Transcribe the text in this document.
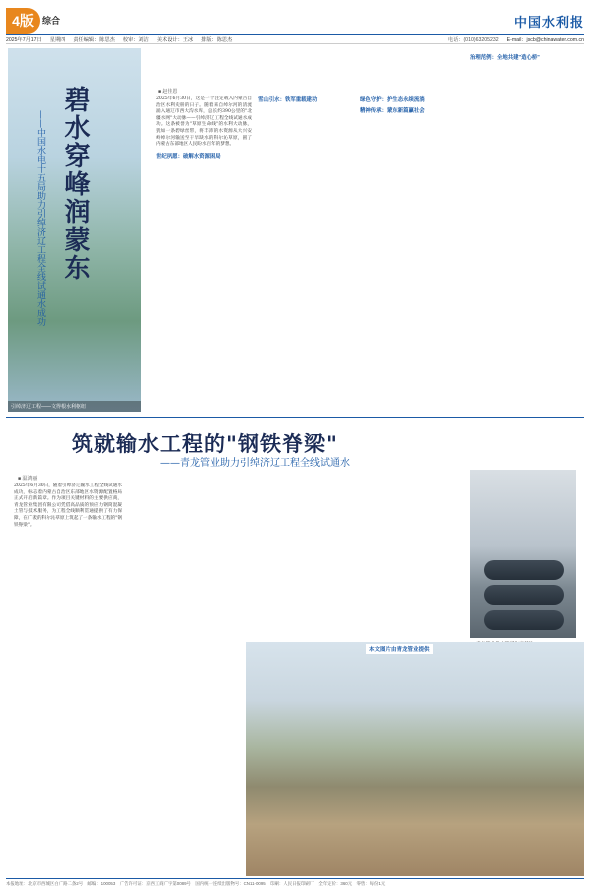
4版 综合	中国水利报
2025年7月17日 星期四 责任编辑：陈思杰 校审：刘洁 美术设计：王冰 排版：陈思杰	电话：(010)63205232 E-mail：jscb@chinawater.com.cn
引绰济辽工程——文得根水利枢纽
碧水穿峰润蒙东
——中国水电十五局助力引绰济辽工程全线试通水成功
■ 赵佳恩

2025年6月30日，这是一个注定载入内蒙古自治区水利史册的日子。随着来自绰尔河的清流涌入通辽市西大沟水库，总长约390公里的"北疆水网"大动脉——引绰济辽工程全线试通水成功。这条被誉为"草原生命线"的水利大动脉，犹如一条碧绿丝带，将丰沛的水资源从大兴安岭绰尔河输送至干旱缺水的科尔沁草原，圆了内蒙古东部地区人民盼水百年的梦想。

世纪夙愿：破解水资源困局
雪山引水：铁军重载建功	绿色守护：护生态永续流淌
精神传承：蒙东新篇赢社会
治理范例：全地共建"造心桥"
筑就输水工程的"钢铁脊梁"
——青龙管业助力引绰济辽工程全线试通水
■ 温鸿丽

2025年6月30日，随着引绰济辽输水工程全线试通水成功，标志着内蒙古自治区东部地区水资源配置格局正式开启新篇章。作为项目关键材料的主要供应商，青龙管业集团有限公司凭借高品质的预应力钢筒混凝土管与技术服务，为工程全线顺利贯通提供了有力保障，在广袤的科尔沁草原上筑起了一条输水工程的"钢铁脊梁"。

本文图片由青龙管业提供
本报地址：北京市西城区白广路二条2号　邮编：100053　广告许可证：京西工商广字第0089号　国内统一连续出版物号：CN11-0095　印刷：人民日报印刷厂　全年定价：360元　零售：每份1元
